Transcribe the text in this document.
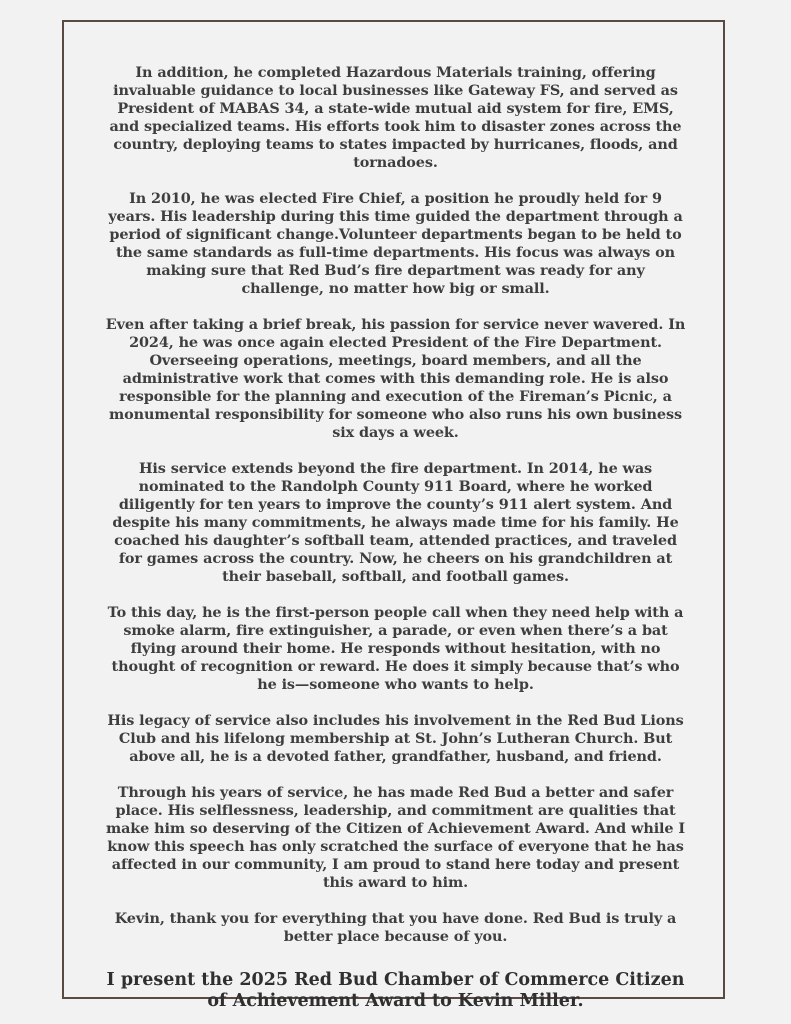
In addition, he completed Hazardous Materials training, offering invaluable guidance to local businesses like Gateway FS, and served as President of MABAS 34, a state-wide mutual aid system for fire, EMS, and specialized teams. His efforts took him to disaster zones across the country, deploying teams to states impacted by hurricanes, floods, and tornadoes.

In 2010, he was elected Fire Chief, a position he proudly held for 9 years. His leadership during this time guided the department through a period of significant change.Volunteer departments began to be held to the same standards as full-time departments. His focus was always on making sure that Red Bud’s fire department was ready for any challenge, no matter how big or small.

Even after taking a brief break, his passion for service never wavered. In 2024, he was once again elected President of the Fire Department. Overseeing operations, meetings, board members, and all the administrative work that comes with this demanding role. He is also responsible for the planning and execution of the Fireman’s Picnic, a monumental responsibility for someone who also runs his own business six days a week.

His service extends beyond the fire department. In 2014, he was nominated to the Randolph County 911 Board, where he worked diligently for ten years to improve the county’s 911 alert system. And despite his many commitments, he always made time for his family. He coached his daughter’s softball team, attended practices, and traveled for games across the country. Now, he cheers on his grandchildren at their baseball, softball, and football games.

To this day, he is the first-person people call when they need help with a smoke alarm, fire extinguisher, a parade, or even when there’s a bat flying around their home. He responds without hesitation, with no thought of recognition or reward. He does it simply because that’s who he is—someone who wants to help.

His legacy of service also includes his involvement in the Red Bud Lions Club and his lifelong membership at St. John’s Lutheran Church. But above all, he is a devoted father, grandfather, husband, and friend.

Through his years of service, he has made Red Bud a better and safer place. His selflessness, leadership, and commitment are qualities that make him so deserving of the Citizen of Achievement Award. And while I know this speech has only scratched the surface of everyone that he has affected in our community, I am proud to stand here today and present this award to him.

Kevin, thank you for everything that you have done. Red Bud is truly a better place because of you.

I present the 2025 Red Bud Chamber of Commerce Citizen of Achievement Award to Kevin Miller.
